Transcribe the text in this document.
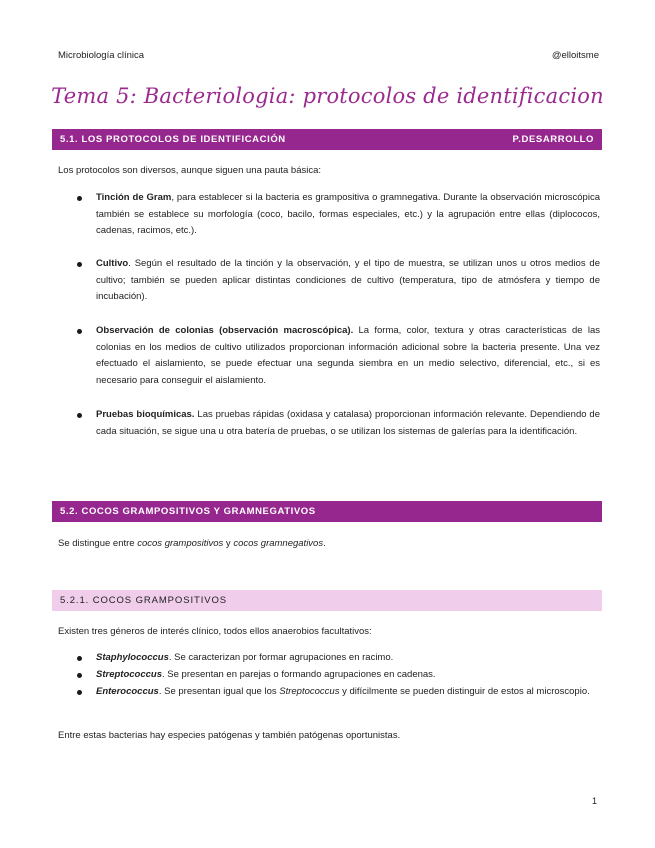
Microbiología clínica	@elloitsme
Tema 5: Bacteriologia: protocolos de identificacion
5.1. LOS PROTOCOLOS DE IDENTIFICACIÓN	P.DESARROLLO
Los protocolos son diversos, aunque siguen una pauta básica:
Tinción de Gram, para establecer si la bacteria es grampositiva o gramnegativa. Durante la observación microscópica también se establece su morfología (coco, bacilo, formas especiales, etc.) y la agrupación entre ellas (diplococos, cadenas, racimos, etc.).
Cultivo. Según el resultado de la tinción y la observación, y el tipo de muestra, se utilizan unos u otros medios de cultivo; también se pueden aplicar distintas condiciones de cultivo (temperatura, tipo de atmósfera y tiempo de incubación).
Observación de colonias (observación macroscópica). La forma, color, textura y otras características de las colonias en los medios de cultivo utilizados proporcionan información adicional sobre la bacteria presente. Una vez efectuado el aislamiento, se puede efectuar una segunda siembra en un medio selectivo, diferencial, etc., si es necesario para conseguir el aislamiento.
Pruebas bioquímicas. Las pruebas rápidas (oxidasa y catalasa) proporcionan información relevante. Dependiendo de cada situación, se sigue una u otra batería de pruebas, o se utilizan los sistemas de galerías para la identificación.
5.2. COCOS GRAMPOSITIVOS Y GRAMNEGATIVOS
Se distingue entre cocos grampositivos y cocos gramnegativos.
5.2.1. COCOS GRAMPOSITIVOS
Existen tres géneros de interés clínico, todos ellos anaerobios facultativos:
Staphylococcus. Se caracterizan por formar agrupaciones en racimo.
Streptococcus. Se presentan en parejas o formando agrupaciones en cadenas.
Enterococcus. Se presentan igual que los Streptococcus y difícilmente se pueden distinguir de estos al microscopio.
Entre estas bacterias hay especies patógenas y también patógenas oportunistas.
1
